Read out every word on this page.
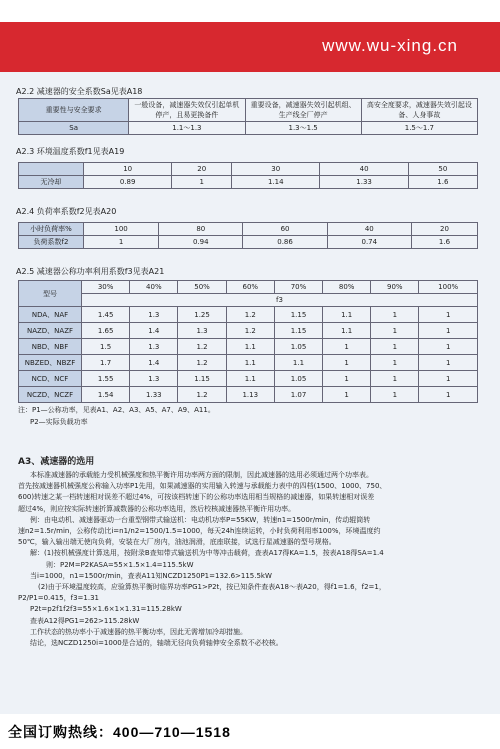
www.wu-xing.cn
A2.2 减速器的安全系数Sa见表A18
重要性与安全要求	一般设备，减速器失效仅引起单机停产，且易更换备件	重要设备，减速器失效引起机组、生产线全厂停产	高安全度要求，减速器失效引起设备、人身事故
Sa	1.1～1.3	1.3～1.5	1.5～1.7
A2.3 环境温度系数f1见表A19
	10	20	30	40	50
无冷却	0.89	1	1.14	1.33	1.6
A2.4 负荷率系数f2见表A20
小时负荷率%	100	80	60	40	20
负荷系数f2	1	0.94	0.86	0.74	1.6
A2.5 减速器公称功率利用系数f3见表A21
型号	30%	40%	50%	60%	70%	80%	90%	100%
	f3							
NDA、NAF	1.45	1.3	1.25	1.2	1.15	1.1	1	1
NAZD、NAZF	1.65	1.4	1.3	1.2	1.15	1.1	1	1
NBD、NBF	1.5	1.3	1.2	1.1	1.05	1	1	1
NBZED、NBZF	1.7	1.4	1.2	1.1	1.1	1	1	1
NCD、NCF	1.55	1.3	1.15	1.1	1.05	1	1	1
NCZD、NCZF	1.54	1.33	1.2	1.13	1.07	1	1	1
注：P1—公称功率，见表A1、A2、A3、A5、A7、A9、A11。
P2—实际负载功率
A3、减速器的选用

本标准减速器的承载能力受机械强度和热平衡许用功率两方面的限制，因此减速器的选用必须通过两个功率表。

首先按减速器机械强度公称输入功率P1先用，如果减速器的实用输入转速与承载能力表中的四档(1500、1000、750、

600)转速之某一档转速相对误差不超过4%，可按该档转速下的公称功率选用相当规格的减速器，如果转速相对误差

超过4%，则应按实际转速折算减数器的公称功率选用，然后校核减速器热平衡许用功率。

例：由电动机、减速器驱动一台重型钢带式输送机：电动机功率P=55KW，转速n1=1500r/min，传动辊筒转

速n2=1.5r/min，公称传动比i=n1/n2=1500/1.5=1000，每天24h连续运转，小时负荷利用率100%，环境温度约

50℃，输入输出端无使向负荷，安装在大厂房内，油池润滑，底座联接，试选行星减速器的型号规格。

解：(1)按机械强度计算选用，按附录B查知带式输送机为中等冲击载荷，查表A17得KA=1.5，按表A18得SA=1.4

则：P2M=P2KASA=55×1.5×1.4=115.5kW

当i=1000，n1=1500r/min，查表A11知NCZD1250P1=132.6>115.5kW

(2)由于环境温度较高，应验算热平衡时临界功率PG1>P2t，按已知条件查表A18～表A20，得f1=1.6，f2=1，

P2/P1=0.415，f3=1.31

P2t=p2f1f2f3=55×1.6×1×1.31=115.28kW

查表A12得PG1=262>115.28kW

工作状态的热功率小于减速器的热平衡功率，因此无需增加冷却措施。

结论，选NCZD1250i=1000是合适的，轴端无径向负荷轴伸安全系数不必校核。

全国订购热线：400—710—1518
